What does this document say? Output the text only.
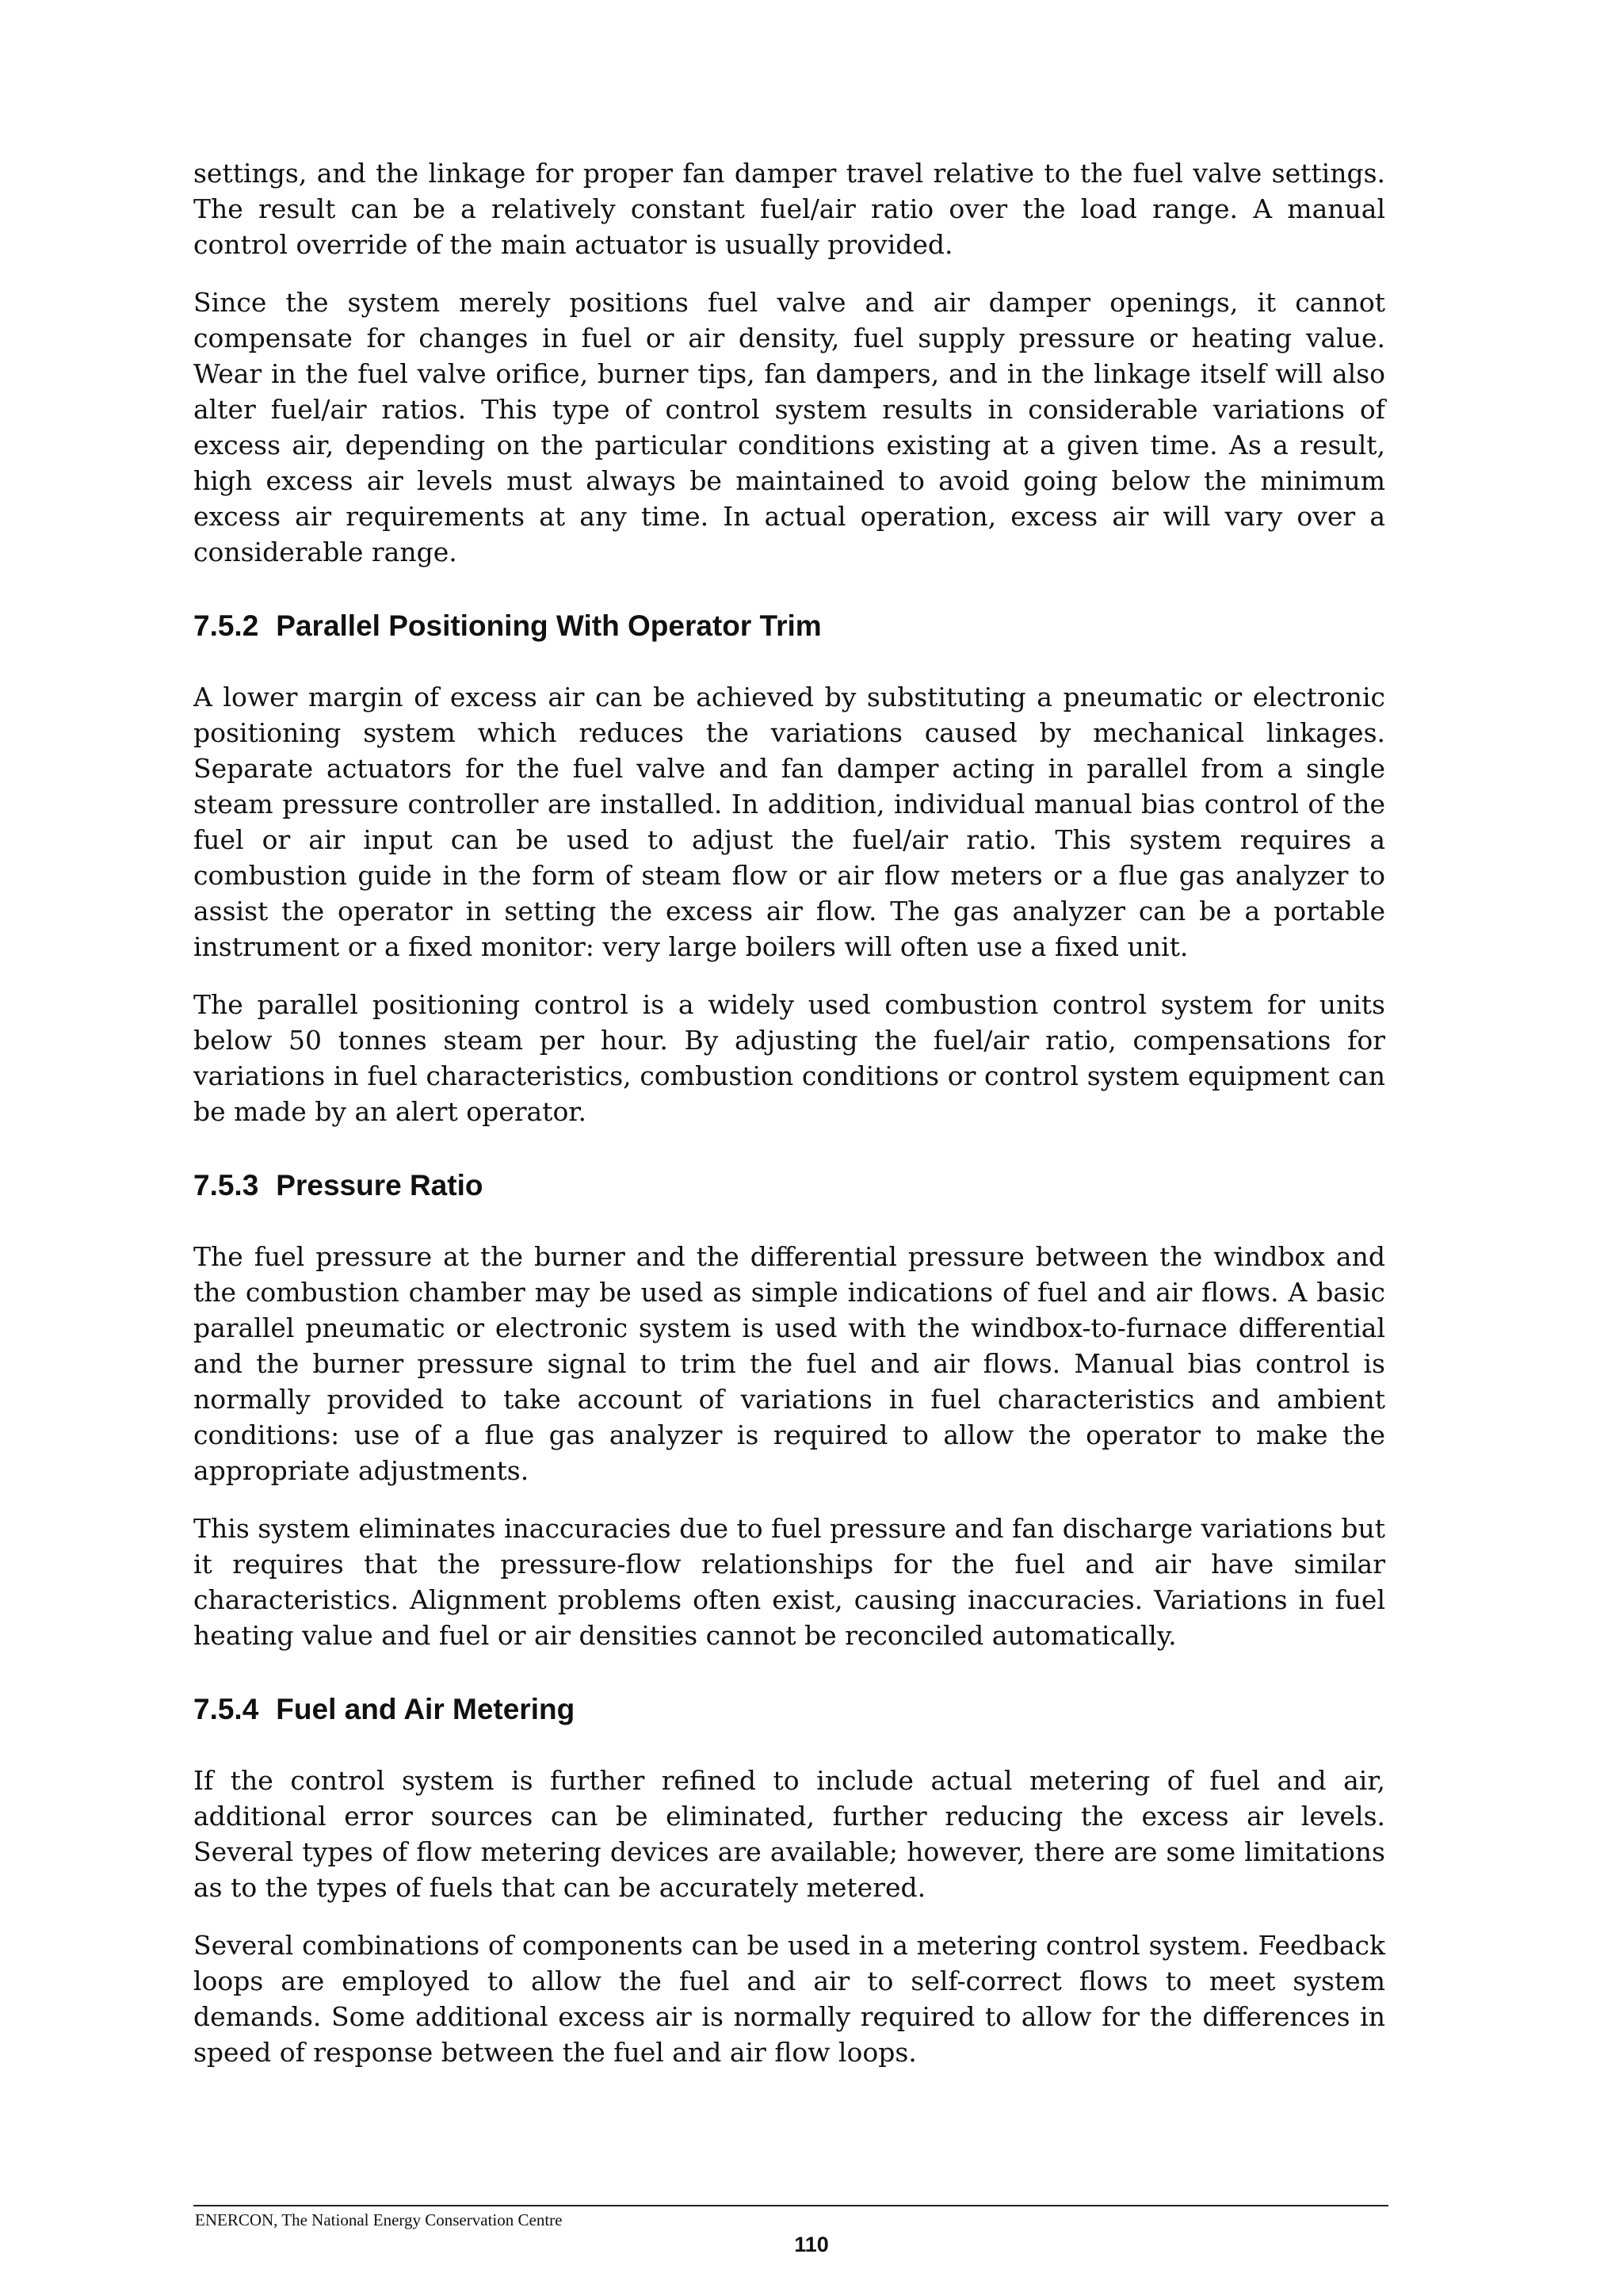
settings, and the linkage for proper fan damper travel relative to the fuel valve settings. The result can be a relatively constant fuel/air ratio over the load range. A manual control override of the main actuator is usually provided.

Since the system merely positions fuel valve and air damper openings, it cannot compensate for changes in fuel or air density, fuel supply pressure or heating value. Wear in the fuel valve orifice, burner tips, fan dampers, and in the linkage itself will also alter fuel/air ratios. This type of control system results in considerable variations of excess air, depending on the particular conditions existing at a given time. As a result, high excess air levels must always be maintained to avoid going below the minimum excess air requirements at any time. In actual operation, excess air will vary over a considerable range.

7.5.2 Parallel Positioning With Operator Trim

A lower margin of excess air can be achieved by substituting a pneumatic or electronic positioning system which reduces the variations caused by mechanical linkages. Separate actuators for the fuel valve and fan damper acting in parallel from a single steam pressure controller are installed. In addition, individual manual bias control of the fuel or air input can be used to adjust the fuel/air ratio. This system requires a combustion guide in the form of steam flow or air flow meters or a flue gas analyzer to assist the operator in setting the excess air flow. The gas analyzer can be a portable instrument or a fixed monitor: very large boilers will often use a fixed unit.

The parallel positioning control is a widely used combustion control system for units below 50 tonnes steam per hour. By adjusting the fuel/air ratio, compensations for variations in fuel characteristics, combustion conditions or control system equipment can be made by an alert operator.

7.5.3 Pressure Ratio

The fuel pressure at the burner and the differential pressure between the windbox and the combustion chamber may be used as simple indications of fuel and air flows. A basic parallel pneumatic or electronic system is used with the windbox-to-furnace differential and the burner pressure signal to trim the fuel and air flows. Manual bias control is normally provided to take account of variations in fuel characteristics and ambient conditions: use of a flue gas analyzer is required to allow the operator to make the appropriate adjustments.

This system eliminates inaccuracies due to fuel pressure and fan discharge variations but it requires that the pressure-flow relationships for the fuel and air have similar characteristics. Alignment problems often exist, causing inaccuracies. Variations in fuel heating value and fuel or air densities cannot be reconciled automatically.

7.5.4 Fuel and Air Metering

If the control system is further refined to include actual metering of fuel and air, additional error sources can be eliminated, further reducing the excess air levels. Several types of flow metering devices are available; however, there are some limitations as to the types of fuels that can be accurately metered.

Several combinations of components can be used in a metering control system. Feedback loops are employed to allow the fuel and air to self-correct flows to meet system demands. Some additional excess air is normally required to allow for the differences in speed of response between the fuel and air flow loops.

ENERCON, The National Energy Conservation Centre
110
